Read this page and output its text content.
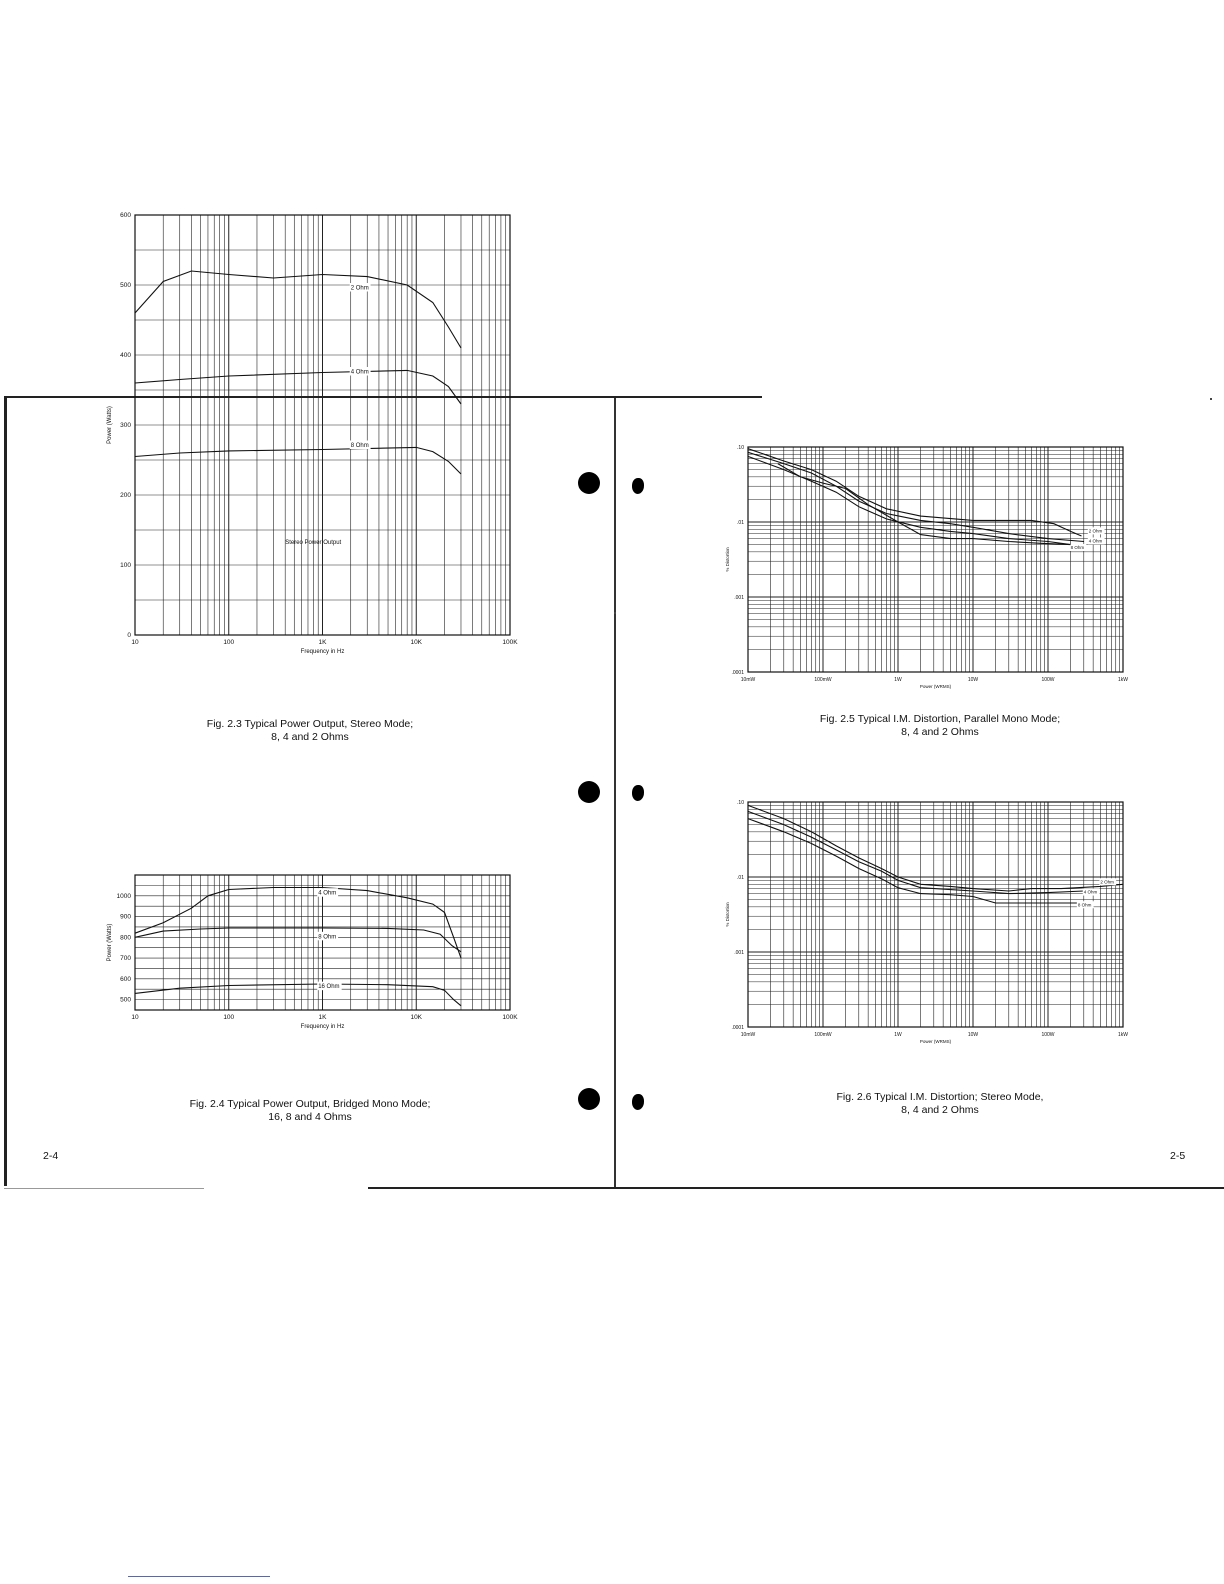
10	100	1K	10K	100K
0
100
200
300
400
500
600
Frequency in Hz
Power (Watts)
2 Ohm
4 Ohm
8 Ohm
Stereo Power Output
10	100	1K	10K	100K
500
600
700
800
900
1000
Frequency in Hz
Power (Watts)
4 Ohm
8 Ohm
16 Ohm
10mW	100mW	1W	10W	100W	1kW
.0001
.001
.01
.10
Power (WRMS)
% Distortion
2 Ohm
4 Ohm
8 Ohm
10mW	100mW	1W	10W	100W	1kW
.0001
.001
.01
.10
Power (WRMS)
% Distortion
2 Ohm
4 Ohm
8 Ohm
Fig. 2.3 Typical Power Output, Stereo Mode;
8, 4 and 2 Ohms
Fig. 2.4 Typical Power Output, Bridged Mono Mode;
16, 8 and 4 Ohms
Fig. 2.5 Typical I.M. Distortion, Parallel Mono Mode;
8, 4 and 2 Ohms
Fig. 2.6 Typical I.M. Distortion; Stereo Mode,
8, 4 and 2 Ohms
2-4	2-5
